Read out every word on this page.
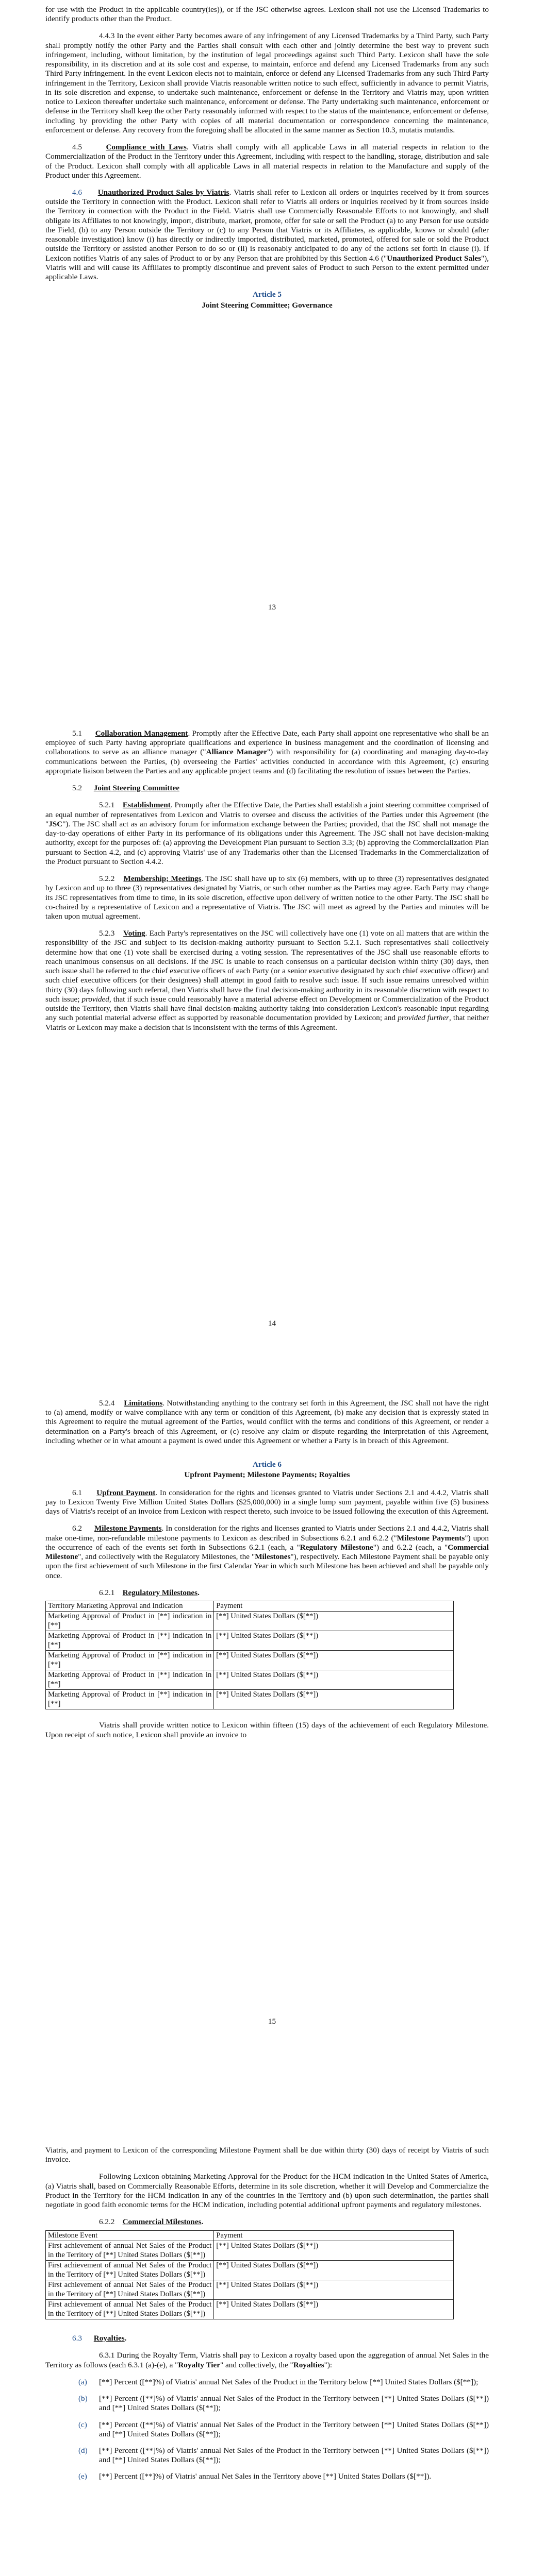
for use with the Product in the applicable country(ies)), or if the JSC otherwise agrees. Lexicon shall not use the Licensed Trademarks to identify products other than the Product.

4.4.3 In the event either Party becomes aware of any infringement of any Licensed Trademarks by a Third Party, such Party shall promptly notify the other Party and the Parties shall consult with each other and jointly determine the best way to prevent such infringement, including, without limitation, by the institution of legal proceedings against such Third Party. Lexicon shall have the sole responsibility, in its discretion and at its sole cost and expense, to maintain, enforce and defend any Licensed Trademarks from any such Third Party infringement. In the event Lexicon elects not to maintain, enforce or defend any Licensed Trademarks from any such Third Party infringement in the Territory, Lexicon shall provide Viatris reasonable written notice to such effect, sufficiently in advance to permit Viatris, in its sole discretion and expense, to undertake such maintenance, enforcement or defense in the Territory and Viatris may, upon written notice to Lexicon thereafter undertake such maintenance, enforcement or defense. The Party undertaking such maintenance, enforcement or defense in the Territory shall keep the other Party reasonably informed with respect to the status of the maintenance, enforcement or defense, including by providing the other Party with copies of all material documentation or correspondence concerning the maintenance, enforcement or defense. Any recovery from the foregoing shall be allocated in the same manner as Section 10.3, mutatis mutandis.

4.5	Compliance with Laws. Viatris shall comply with all applicable Laws in all material respects in relation to the Commercialization of the Product in the Territory under this Agreement, including with respect to the handling, storage, distribution and sale of the Product. Lexicon shall comply with all applicable Laws in all material respects in relation to the Manufacture and supply of the Product under this Agreement.

4.6 Unauthorized Product Sales by Viatris. Viatris shall refer to Lexicon all orders or inquiries received by it from sources outside the Territory in connection with the Product. Lexicon shall refer to Viatris all orders or inquiries received by it from sources inside the Territory in connection with the Product in the Field. Viatris shall use Commercially Reasonable Efforts to not knowingly, and shall obligate its Affiliates to not knowingly, import, distribute, market, promote, offer for sale or sell the Product (a) to any Person for use outside the Field, (b) to any Person outside the Territory or (c) to any Person that Viatris or its Affiliates, as applicable, knows or should (after reasonable investigation) know (i) has directly or indirectly imported, distributed, marketed, promoted, offered for sale or sold the Product outside the Territory or assisted another Person to do so or (ii) is reasonably anticipated to do any of the actions set forth in clause (i). If Lexicon notifies Viatris of any sales of Product to or by any Person that are prohibited by this Section 4.6 ("Unauthorized Product Sales"), Viatris will and will cause its Affiliates to promptly discontinue and prevent sales of Product to such Person to the extent permitted under applicable Laws.

Article 5

Joint Steering Committee; Governance

13

5.1 Collaboration Management. Promptly after the Effective Date, each Party shall appoint one representative who shall be an employee of such Party having appropriate qualifications and experience in business management and the coordination of licensing and collaborations to serve as an alliance manager ("Alliance Manager") with responsibility for (a) coordinating and managing day-to-day communications between the Parties, (b) overseeing the Parties' activities conducted in accordance with this Agreement, (c) ensuring appropriate liaison between the Parties and any applicable project teams and (d) facilitating the resolution of issues between the Parties.

5.2 Joint Steering Committee

5.2.1 Establishment. Promptly after the Effective Date, the Parties shall establish a joint steering committee comprised of an equal number of representatives from Lexicon and Viatris to oversee and discuss the activities of the Parties under this Agreement (the "JSC"). The JSC shall act as an advisory forum for information exchange between the Parties; provided, that the JSC shall not manage the day-to-day operations of either Party in its performance of its obligations under this Agreement. The JSC shall not have decision-making authority, except for the purposes of: (a) approving the Development Plan pursuant to Section 3.3; (b) approving the Commercialization Plan pursuant to Section 4.2, and (c) approving Viatris' use of any Trademarks other than the Licensed Trademarks in the Commercialization of the Product pursuant to Section 4.4.2.

5.2.2 Membership; Meetings. The JSC shall have up to six (6) members, with up to three (3) representatives designated by Lexicon and up to three (3) representatives designated by Viatris, or such other number as the Parties may agree. Each Party may change its JSC representatives from time to time, in its sole discretion, effective upon delivery of written notice to the other Party. The JSC shall be co-chaired by a representative of Lexicon and a representative of Viatris. The JSC will meet as agreed by the Parties and minutes will be taken upon mutual agreement.

5.2.3 Voting. Each Party's representatives on the JSC will collectively have one (1) vote on all matters that are within the responsibility of the JSC and subject to its decision-making authority pursuant to Section 5.2.1. Such representatives shall collectively determine how that one (1) vote shall be exercised during a voting session. The representatives of the JSC shall use reasonable efforts to reach unanimous consensus on all decisions. If the JSC is unable to reach consensus on a particular decision within thirty (30) days, then such issue shall be referred to the chief executive officers of each Party (or a senior executive designated by such chief executive officer) and such chief executive officers (or their designees) shall attempt in good faith to resolve such issue. If such issue remains unresolved within thirty (30) days following such referral, then Viatris shall have the final decision-making authority in its reasonable discretion with respect to such issue; provided, that if such issue could reasonably have a material adverse effect on Development or Commercialization of the Product outside the Territory, then Viatris shall have final decision-making authority taking into consideration Lexicon's reasonable input regarding any such potential material adverse effect as supported by reasonable documentation provided by Lexicon; and provided further, that neither Viatris or Lexicon may make a decision that is inconsistent with the terms of this Agreement.

14

5.2.4 Limitations. Notwithstanding anything to the contrary set forth in this Agreement, the JSC shall not have the right to (a) amend, modify or waive compliance with any term or condition of this Agreement, (b) make any decision that is expressly stated in this Agreement to require the mutual agreement of the Parties, would conflict with the terms and conditions of this Agreement, or render a determination on a Party's breach of this Agreement, or (c) resolve any claim or dispute regarding the interpretation of this Agreement, including whether or in what amount a payment is owed under this Agreement or whether a Party is in breach of this Agreement.

Article 6

Upfront Payment; Milestone Payments; Royalties

6.1 Upfront Payment. In consideration for the rights and licenses granted to Viatris under Sections 2.1 and 4.4.2, Viatris shall pay to Lexicon Twenty Five Million United States Dollars ($25,000,000) in a single lump sum payment, payable within five (5) business days of Viatris's receipt of an invoice from Lexicon with respect thereto, such invoice to be issued following the execution of this Agreement.

6.2 Milestone Payments. In consideration for the rights and licenses granted to Viatris under Sections 2.1 and 4.4.2, Viatris shall make one-time, non-refundable milestone payments to Lexicon as described in Subsections 6.2.1 and 6.2.2 ("Milestone Payments") upon the occurrence of each of the events set forth in Subsections 6.2.1 (each, a "Regulatory Milestone") and 6.2.2 (each, a "Commercial Milestone", and collectively with the Regulatory Milestones, the "Milestones"), respectively. Each Milestone Payment shall be payable only upon the first achievement of such Milestone in the first Calendar Year in which such Milestone has been achieved and shall be payable only once.

6.2.1 Regulatory Milestones.

Territory Marketing Approval and Indication	Payment
Marketing Approval of Product in [**] indication in [**]	[**] United States Dollars ($[**])
Marketing Approval of Product in [**] indication in [**]	[**] United States Dollars ($[**])
Marketing Approval of Product in [**] indication in [**]	[**] United States Dollars ($[**])
Marketing Approval of Product in [**] indication in [**]	[**] United States Dollars ($[**])
Marketing Approval of Product in [**] indication in [**]	[**] United States Dollars ($[**])

Viatris shall provide written notice to Lexicon within fifteen (15) days of the achievement of each Regulatory Milestone. Upon receipt of such notice, Lexicon shall provide an invoice to

15

Viatris, and payment to Lexicon of the corresponding Milestone Payment shall be due within thirty (30) days of receipt by Viatris of such invoice.

Following Lexicon obtaining Marketing Approval for the Product for the HCM indication in the United States of America, (a) Viatris shall, based on Commercially Reasonable Efforts, determine in its sole discretion, whether it will Develop and Commercialize the Product in the Territory for the HCM indication in any of the countries in the Territory and (b) upon such determination, the parties shall negotiate in good faith economic terms for the HCM indication, including potential additional upfront payments and regulatory milestones.

6.2.2 Commercial Milestones.

Milestone Event	Payment
First achievement of annual Net Sales of the Product in the Territory of [**] United States Dollars ($[**])	[**] United States Dollars ($[**])
First achievement of annual Net Sales of the Product in the Territory of [**] United States Dollars ($[**])	[**] United States Dollars ($[**])
First achievement of annual Net Sales of the Product in the Territory of [**] United States Dollars ($[**])	[**] United States Dollars ($[**])
First achievement of annual Net Sales of the Product in the Territory of [**] United States Dollars ($[**])	[**] United States Dollars ($[**])

6.3 Royalties.

6.3.1 During the Royalty Term, Viatris shall pay to Lexicon a royalty based upon the aggregation of annual Net Sales in the Territory as follows (each 6.3.1 (a)-(e), a "Royalty Tier" and collectively, the "Royalties"):

(a) [**] Percent ([**]%) of Viatris' annual Net Sales of the Product in the Territory below [**] United States Dollars ($[**]);

(b) [**] Percent ([**]%) of Viatris' annual Net Sales of the Product in the Territory between [**] United States Dollars ($[**]) and [**] United States Dollars ($[**]);

(c) [**] Percent ([**]%) of Viatris' annual Net Sales of the Product in the Territory between [**] United States Dollars ($[**]) and [**] United States Dollars ($[**]);

(d) [**] Percent ([**]%) of Viatris' annual Net Sales of the Product in the Territory between [**] United States Dollars ($[**]) and [**] United States Dollars ($[**]);

(e) [**] Percent ([**]%) of Viatris' annual Net Sales in the Territory above [**] United States Dollars ($[**]).
